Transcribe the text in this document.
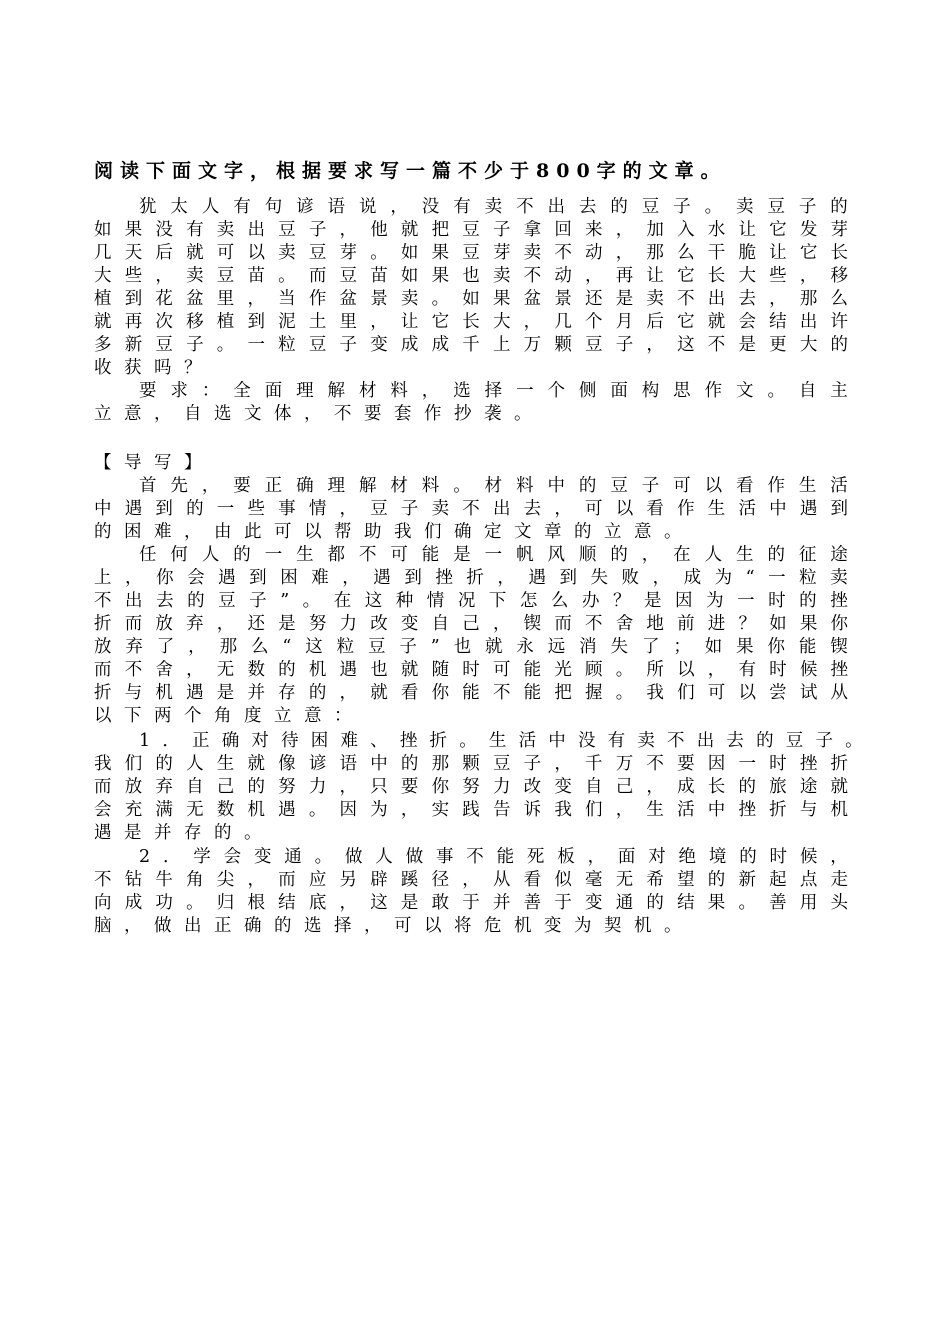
阅读下面文字，根据要求写一篇不少于800字的文章。
犹 太 人 有 句 谚 语 说 ， 没 有 卖 不 出 去 的 豆 子 。 卖 豆 子 的
如 果 没 有 卖 出 豆 子 ， 他 就 把 豆 子 拿 回 来 ， 加 入 水 让 它 发 芽
几 天 后 就 可 以 卖 豆 芽 。 如 果 豆 芽 卖 不 动 ， 那 么 干 脆 让 它 长
大 些 ， 卖 豆 苗 。 而 豆 苗 如 果 也 卖 不 动 ， 再 让 它 长 大 些 ， 移
植 到 花 盆 里 ， 当 作 盆 景 卖 。 如 果 盆 景 还 是 卖 不 出 去 ， 那 么
就 再 次 移 植 到 泥 土 里 ， 让 它 长 大 ， 几 个 月 后 它 就 会 结 出 许
多 新 豆 子 。 一 粒 豆 子 变 成 成 千 上 万 颗 豆 子 ， 这 不 是 更 大 的
收 获 吗 ？
要 求 ： 全 面 理 解 材 料 ， 选 择 一 个 侧 面 构 思 作 文 。 自 主
立 意 ， 自 选 文 体 ， 不 要 套 作 抄 袭 。
【 导 写 】
首 先 ， 要 正 确 理 解 材 料 。 材 料 中 的 豆 子 可 以 看 作 生 活
中 遇 到 的 一 些 事 情 ， 豆 子 卖 不 出 去 ， 可 以 看 作 生 活 中 遇 到
的 困 难 ， 由 此 可 以 帮 助 我 们 确 定 文 章 的 立 意 。
任 何 人 的 一 生 都 不 可 能 是 一 帆 风 顺 的 ， 在 人 生 的 征 途
上 ， 你 会 遇 到 困 难 ， 遇 到 挫 折 ， 遇 到 失 败 ， 成 为 “ 一 粒 卖
不 出 去 的 豆 子 ” 。 在 这 种 情 况 下 怎 么 办 ？ 是 因 为 一 时 的 挫
折 而 放 弃 ， 还 是 努 力 改 变 自 己 ， 锲 而 不 舍 地 前 进 ？ 如 果 你
放 弃 了 ， 那 么 “ 这 粒 豆 子 ” 也 就 永 远 消 失 了 ； 如 果 你 能 锲
而 不 舍 ， 无 数 的 机 遇 也 就 随 时 可 能 光 顾 。 所 以 ， 有 时 候 挫
折 与 机 遇 是 并 存 的 ， 就 看 你 能 不 能 把 握 。 我 们 可 以 尝 试 从
以 下 两 个 角 度 立 意 ：
1 ． 正 确 对 待 困 难 、 挫 折 。 生 活 中 没 有 卖 不 出 去 的 豆 子 。
我 们 的 人 生 就 像 谚 语 中 的 那 颗 豆 子 ， 千 万 不 要 因 一 时 挫 折
而 放 弃 自 己 的 努 力 ， 只 要 你 努 力 改 变 自 己 ， 成 长 的 旅 途 就
会 充 满 无 数 机 遇 。 因 为 ， 实 践 告 诉 我 们 ， 生 活 中 挫 折 与 机
遇 是 并 存 的 。
2 ． 学 会 变 通 。 做 人 做 事 不 能 死 板 ， 面 对 绝 境 的 时 候 ，
不 钻 牛 角 尖 ， 而 应 另 辟 蹊 径 ， 从 看 似 毫 无 希 望 的 新 起 点 走
向 成 功 。 归 根 结 底 ， 这 是 敢 于 并 善 于 变 通 的 结 果 。 善 用 头
脑 ， 做 出 正 确 的 选 择 ， 可 以 将 危 机 变 为 契 机 。
